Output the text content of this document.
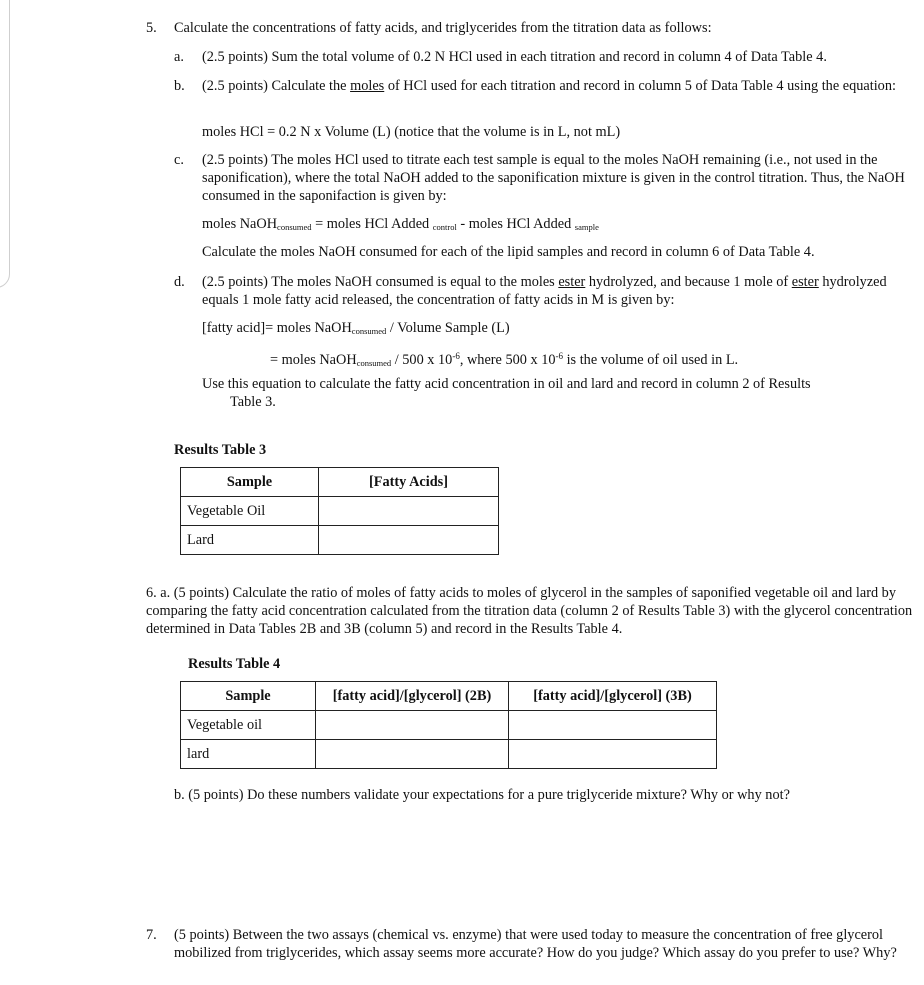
5. Calculate the concentrations of fatty acids, and triglycerides from the titration data as follows:
a. (2.5 points) Sum the total volume of 0.2 N HCl used in each titration and record in column 4 of Data Table 4.
b. (2.5 points) Calculate the moles of HCl used for each titration and record in column 5 of Data Table 4 using the equation:
moles HCl = 0.2 N x Volume (L) (notice that the volume is in L, not mL)
c. (2.5 points) The moles HCl used to titrate each test sample is equal to the moles NaOH remaining (i.e., not used in the saponification), where the total NaOH added to the saponification mixture is given in the control titration. Thus, the NaOH consumed in the saponifaction is given by:
moles NaOH$_{consumed}$ = moles HCl Added $_{control}$ - moles HCl Added $_{sample}$
Calculate the moles NaOH consumed for each of the lipid samples and record in column 6 of Data Table 4.
d. (2.5 points) The moles NaOH consumed is equal to the moles ester hydrolyzed, and because 1 mole of ester hydrolyzed equals 1 mole fatty acid released, the concentration of fatty acids in M is given by:
[fatty acid]= moles NaOH$_{consumed}$ / Volume Sample (L)
= moles NaOH$_{consumed}$ / 500 x $10^{-6}$, where 500 x $10^{-6}$ is the volume of oil used in L.
Use this equation to calculate the fatty acid concentration in oil and lard and record in column 2 of Results
Table 3.
Results Table 3
Sample	[Fatty Acids]
Vegetable Oil	
Lard	
6. a. (5 points) Calculate the ratio of moles of fatty acids to moles of glycerol in the samples of saponified vegetable oil and lard by comparing the fatty acid concentration calculated from the titration data (column 2 of Results Table 3) with the glycerol concentration determined in Data Tables 2B and 3B (column 5) and record in the Results Table 4.
Results Table 4
Sample	[fatty acid]/[glycerol] (2B)	[fatty acid]/[glycerol] (3B)
Vegetable oil		
lard		
b. (5 points) Do these numbers validate your expectations for a pure triglyceride mixture? Why or why not?
7. (5 points) Between the two assays (chemical vs. enzyme) that were used today to measure the concentration of free glycerol mobilized from triglycerides, which assay seems more accurate? How do you judge? Which assay do you prefer to use? Why?
